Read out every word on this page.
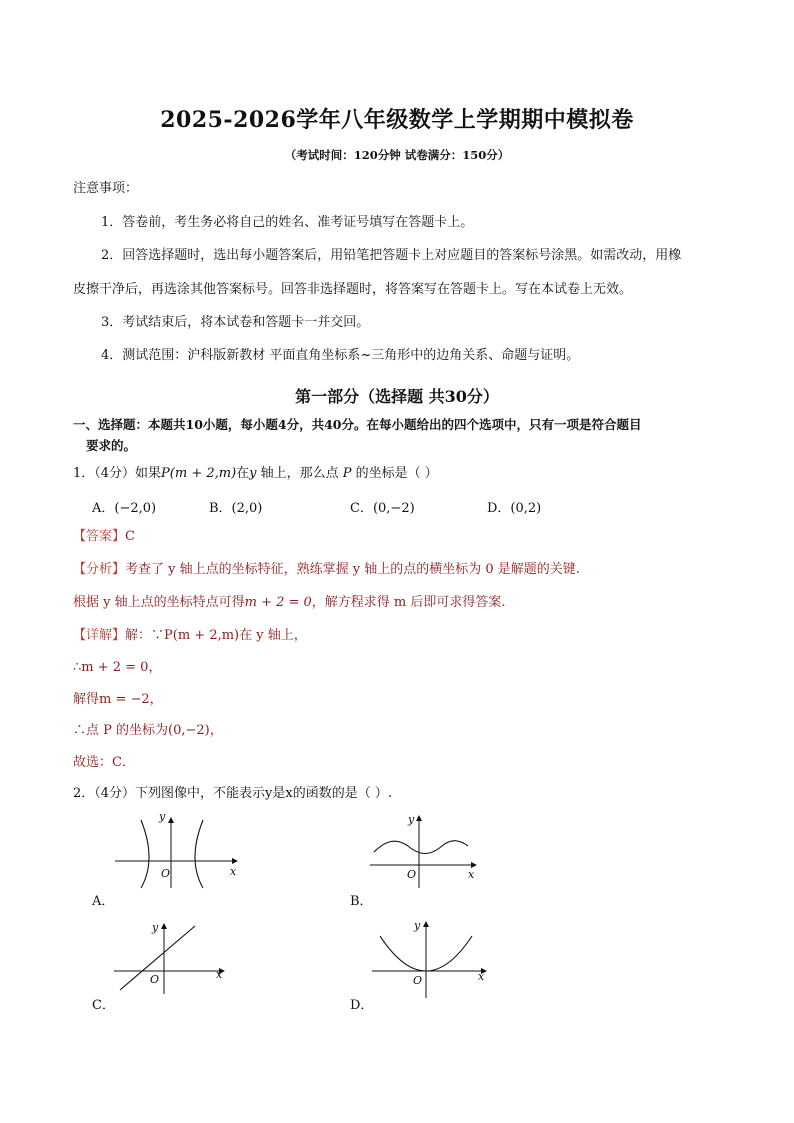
2025-2026学年八年级数学上学期期中模拟卷
（考试时间：120分钟 试卷满分：150分）
注意事项：
1．答卷前，考生务必将自己的姓名、准考证号填写在答题卡上。
2．回答选择题时，选出每小题答案后，用铅笔把答题卡上对应题目的答案标号涂黑。如需改动，用橡
皮擦干净后，再选涂其他答案标号。回答非选择题时，将答案写在答题卡上。写在本试卷上无效。
3．考试结束后，将本试卷和答题卡一并交回。
4．测试范围：沪科版新教材 平面直角坐标系~三角形中的边角关系、命题与证明。
第一部分（选择题 共30分）
一、选择题：本题共10小题，每小题4分，共40分。在每小题给出的四个选项中，只有一项是符合题目
要求的。
1．（4分）如果P(m + 2,m)在y 轴上，那么点 P 的坐标是（ ）
A．(−2,0)	B．(2,0)	C．(0,−2)	D．(0,2)
【答案】C
【分析】考查了 y 轴上点的坐标特征，熟练掌握 y 轴上的点的横坐标为 0 是解题的关键.
根据 y 轴上点的坐标特点可得m + 2 = 0，解方程求得 m 后即可求得答案.
【详解】解：∵P(m + 2,m)在 y 轴上，
∴m + 2 = 0，
解得m = −2，
∴点 P 的坐标为(0,−2)，
故选：C．
2．（4分）下列图像中，不能表示y是x的函数的是（ ）.
y
x
O
A．
y
x
O
B．
y
x
O
C．
y
x
O
D．
